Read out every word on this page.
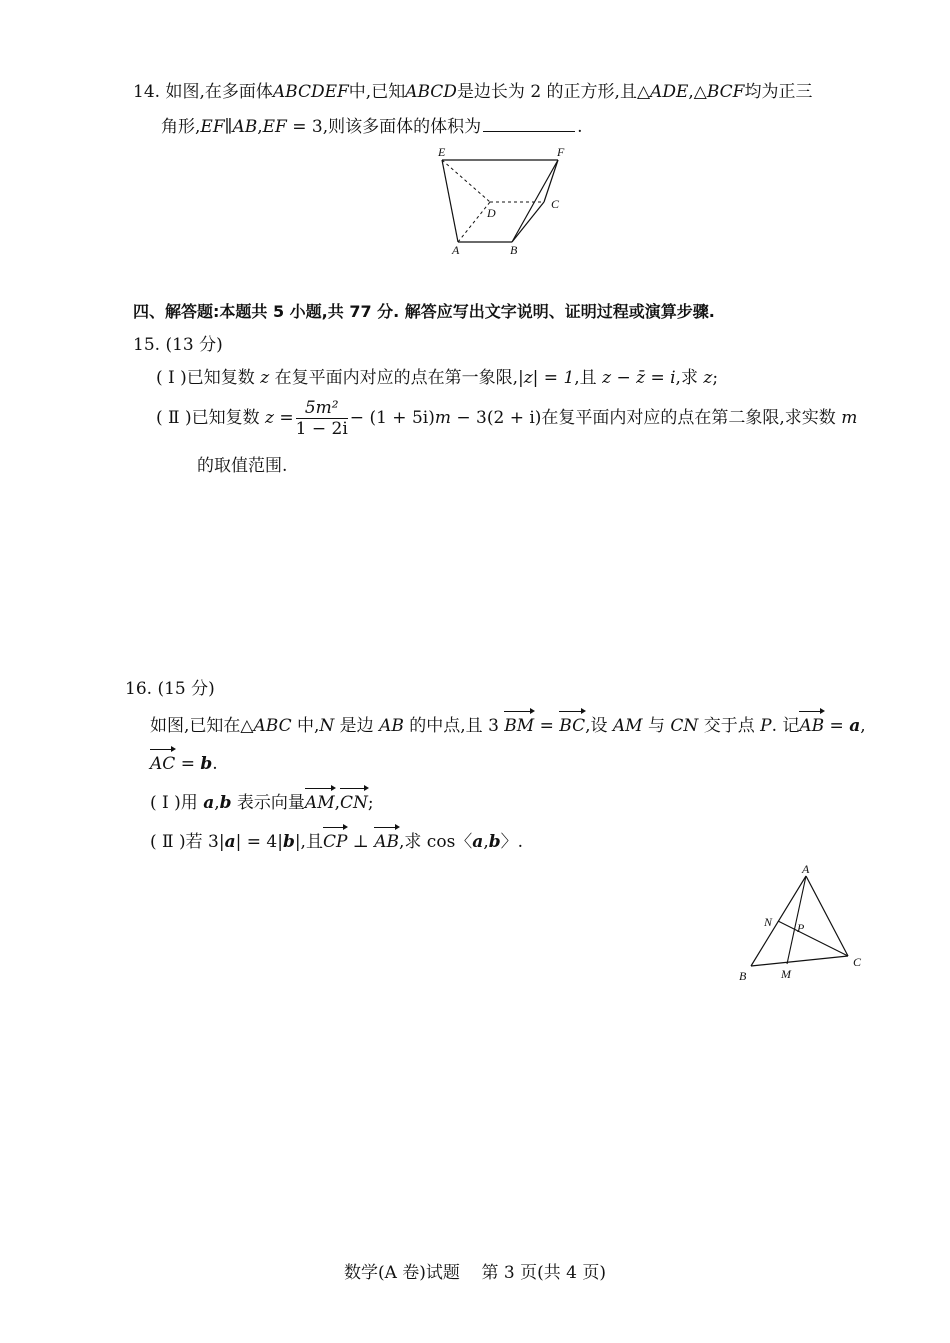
14. 如图,在多面体ABCDEF中,已知ABCD是边长为 2 的正方形,且△ADE,△BCF均为正三
角形,EF∥AB,EF = 3,则该多面体的体积为	.
E	F
D
C
A	B
四、解答题:本题共 5 小题,共 77 分. 解答应写出文字说明、证明过程或演算步骤.
15. (13 分)
( Ⅰ )已知复数 z 在复平面内对应的点在第一象限,|z| = 1,且 z − z̄ = i,求 z;
( Ⅱ )已知复数 $z = \frac{\text{5m²}}{1 - 2i} - (1 + 5i)m - 3(2 + i)$在复平面内对应的点在第二象限,求实数 m
的取值范围.
16. (15 分)
如图,已知在△ABC 中,N 是边 AB 的中点,且 3 BM = BC,设 AM 与 CN 交于点 P. 记AB = a,
AC = b.
( Ⅰ )用 a,b 表示向量AM,CN;
( Ⅱ )若 3|a| = 4|b|,且CP ⊥ AB,求 cos〈a,b〉.
A
N P
B	M
C
数学(A 卷)试题    第 3 页(共 4 页)
